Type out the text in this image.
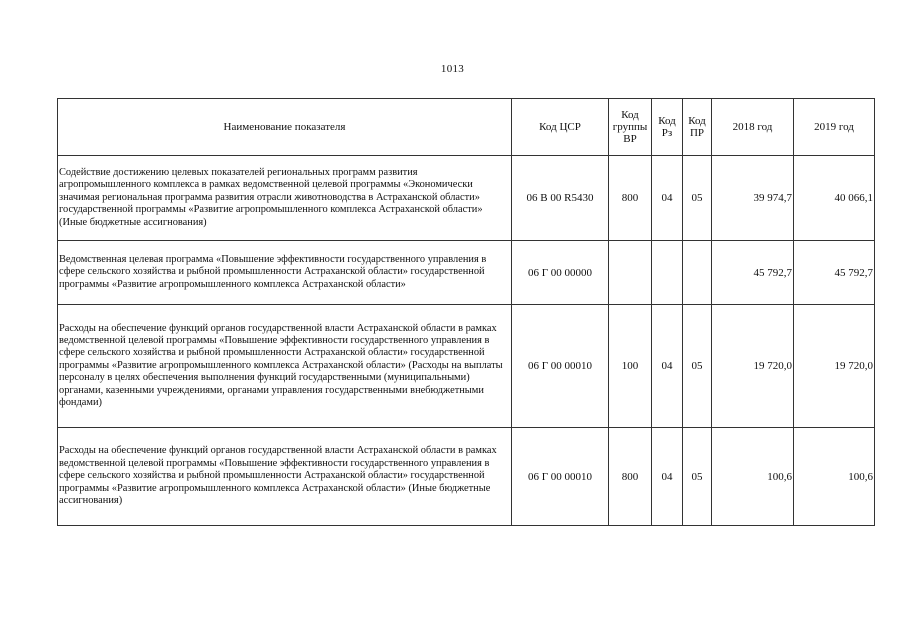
1013
Наименование показателя	Код ЦСР	Код группы ВР	Код Рз	Код ПР	2018 год	2019 год
Содействие достижению целевых показателей региональных программ развития агропромышленного комплекса в рамках ведомственной целевой программы «Экономически значимая региональная программа развития отрасли животноводства в Астраханской области» государственной программы «Развитие агропромышленного комплекса Астраханской области» (Иные бюджетные ассигнования)	06 В 00 R5430	800	04	05	39 974,7	40 066,1
Ведомственная целевая программа «Повышение эффективности государственного управления в сфере сельского хозяйства и рыбной промышленности Астраханской области» государственной программы «Развитие агропромышленного комплекса Астраханской области»	06 Г 00 00000				45 792,7	45 792,7
Расходы на обеспечение функций органов государственной власти Астраханской области в рамках ведомственной целевой программы «Повышение эффективности государственного управления в сфере сельского хозяйства и рыбной промышленности Астраханской области» государственной программы «Развитие агропромышленного комплекса Астраханской области» (Расходы на выплаты персоналу в целях обеспечения выполнения функций государственными (муниципальными) органами, казенными учреждениями, органами управления государственными внебюджетными фондами)	06 Г 00 00010	100	04	05	19 720,0	19 720,0
Расходы на обеспечение функций органов государственной власти Астраханской области в рамках ведомственной целевой программы «Повышение эффективности государственного управления в сфере сельского хозяйства и рыбной промышленности Астраханской области» государственной программы «Развитие агропромышленного комплекса Астраханской области» (Иные бюджетные ассигнования)	06 Г 00 00010	800	04	05	100,6	100,6
